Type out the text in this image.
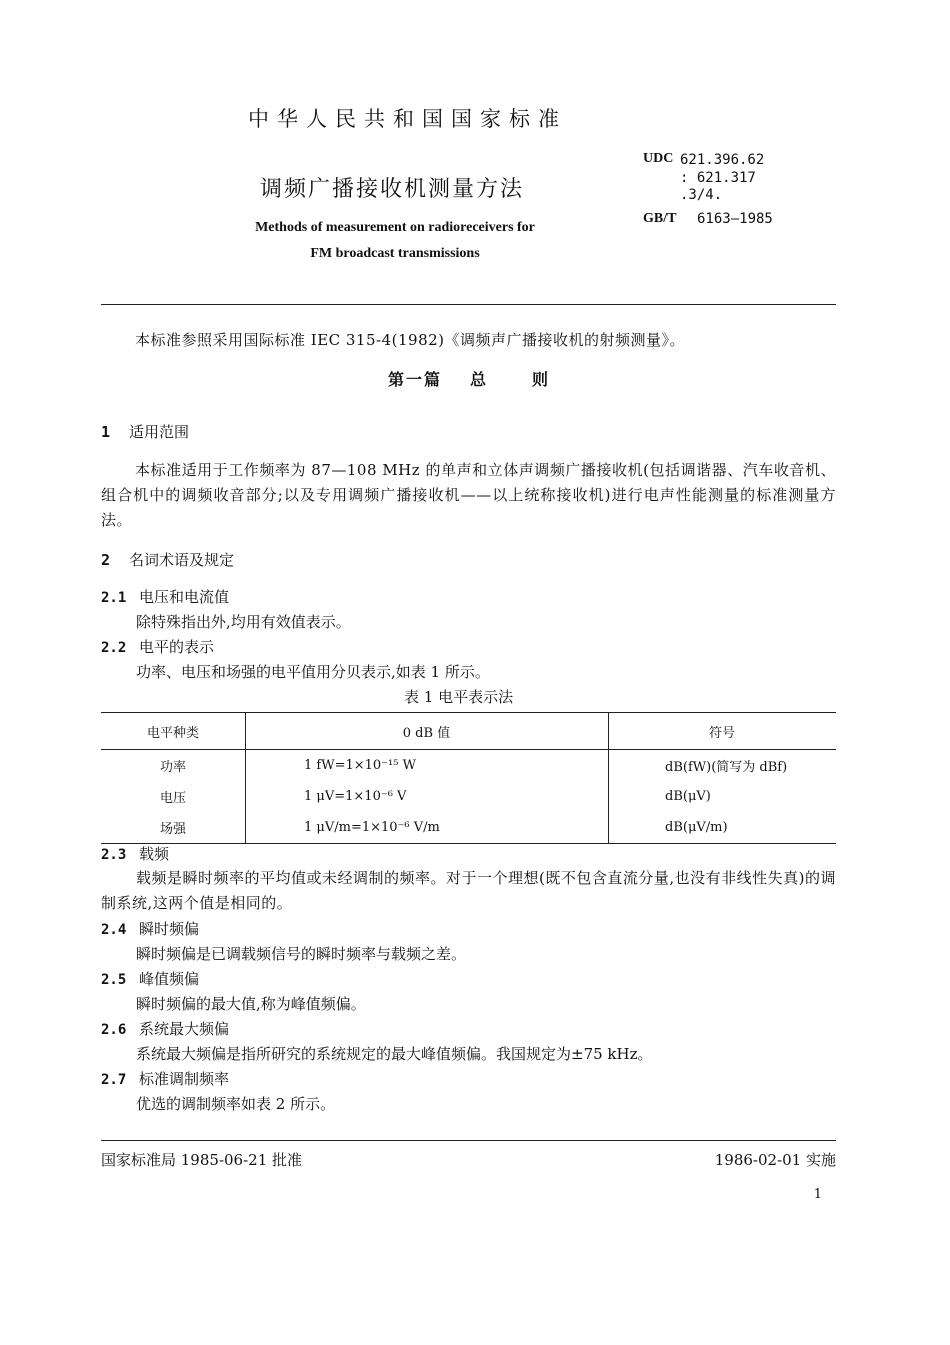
中华人民共和国国家标准
调频广播接收机测量方法
Methods of measurement on radioreceivers for
FM broadcast transmissions
UDC 621.396.62
: 621.317
.3/4.
GB/T 6163—1985
本标准参照采用国际标准 IEC 315-4(1982)《调频声广播接收机的射频测量》。
第一篇 总	则
1 适用范围
本标准适用于工作频率为 87—108 MHz 的单声和立体声调频广播接收机(包括调谐器、汽车收音机、组合机中的调频收音部分;以及专用调频广播接收机——以上统称接收机)进行电声性能测量的标准测量方法。
2 名词术语及规定
2.1 电压和电流值
除特殊指出外,均用有效值表示。
2.2 电平的表示
功率、电压和场强的电平值用分贝表示,如表 1 所示。
表 1 电平表示法
电平种类	0 dB 值	符号
功率	1 fW=1×10⁻¹⁵ W	dB(fW)(简写为 dBf)
电压	1 μV=1×10⁻⁶ V	dB(μV)
场强	1 μV/m=1×10⁻⁶ V/m	dB(μV/m)
2.3 载频
载频是瞬时频率的平均值或未经调制的频率。对于一个理想(既不包含直流分量,也没有非线性失真)的调制系统,这两个值是相同的。
2.4 瞬时频偏
瞬时频偏是已调载频信号的瞬时频率与载频之差。
2.5 峰值频偏
瞬时频偏的最大值,称为峰值频偏。
2.6 系统最大频偏
系统最大频偏是指所研究的系统规定的最大峰值频偏。我国规定为±75 kHz。
2.7 标准调制频率
优选的调制频率如表 2 所示。
国家标准局 1985-06-21 批准	1986-02-01 实施
1
